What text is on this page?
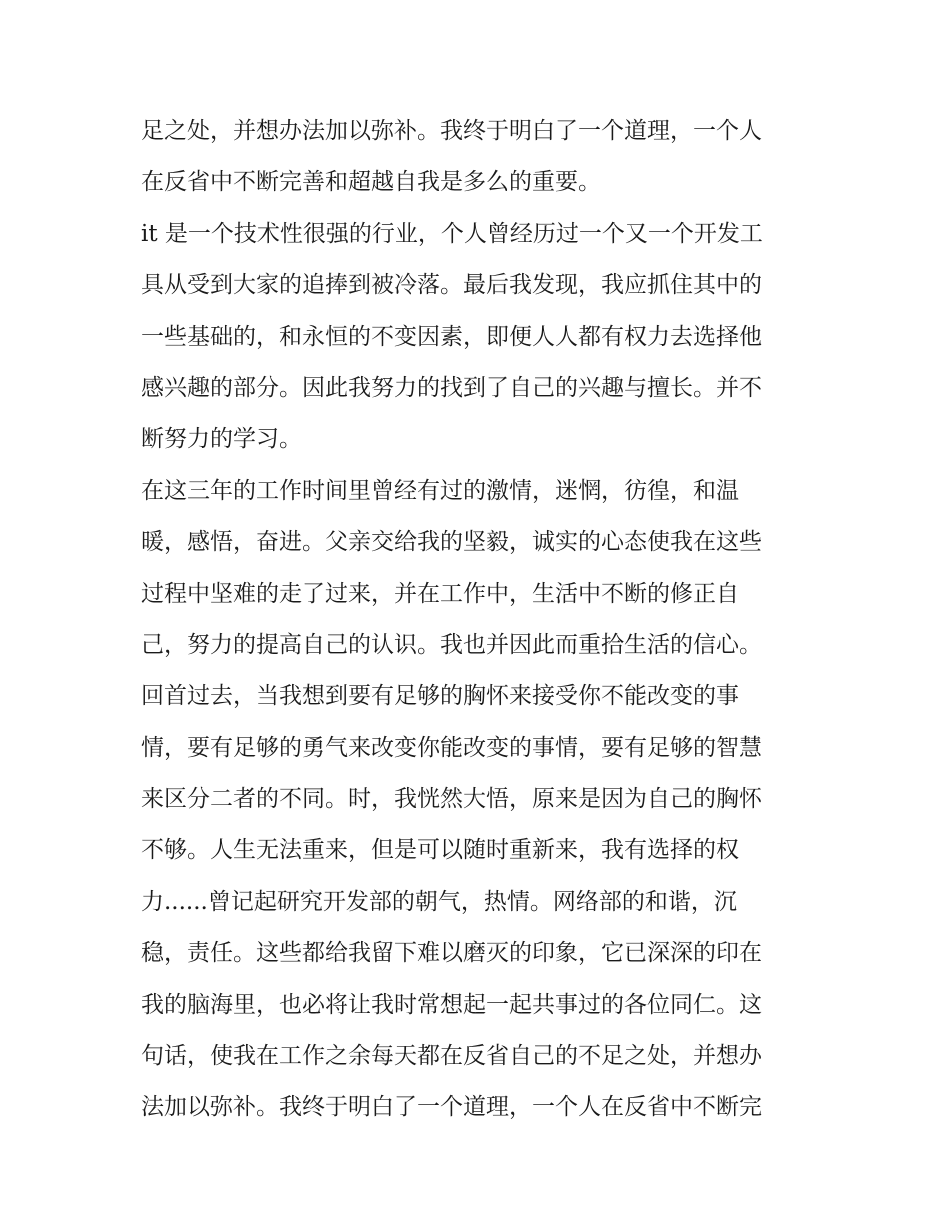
足之处，并想办法加以弥补。我终于明白了一个道理，一个人
在反省中不断完善和超越自我是多么的重要。
it 是一个技术性很强的行业，个人曾经历过一个又一个开发工
具从受到大家的追捧到被冷落。最后我发现，我应抓住其中的
一些基础的，和永恒的不变因素，即便人人都有权力去选择他
感兴趣的部分。因此我努力的找到了自己的兴趣与擅长。并不
断努力的学习。
在这三年的工作时间里曾经有过的激情，迷惘，彷徨，和温
暖，感悟，奋进。父亲交给我的坚毅，诚实的心态使我在这些
过程中坚难的走了过来，并在工作中，生活中不断的修正自
己，努力的提高自己的认识。我也并因此而重拾生活的信心。
回首过去，当我想到要有足够的胸怀来接受你不能改变的事
情，要有足够的勇气来改变你能改变的事情，要有足够的智慧
来区分二者的不同。时，我恍然大悟，原来是因为自己的胸怀
不够。人生无法重来，但是可以随时重新来，我有选择的权
力......曾记起研究开发部的朝气，热情。网络部的和谐，沉
稳，责任。这些都给我留下难以磨灭的印象，它已深深的印在
我的脑海里，也必将让我时常想起一起共事过的各位同仁。这
句话，使我在工作之余每天都在反省自己的不足之处，并想办
法加以弥补。我终于明白了一个道理，一个人在反省中不断完
